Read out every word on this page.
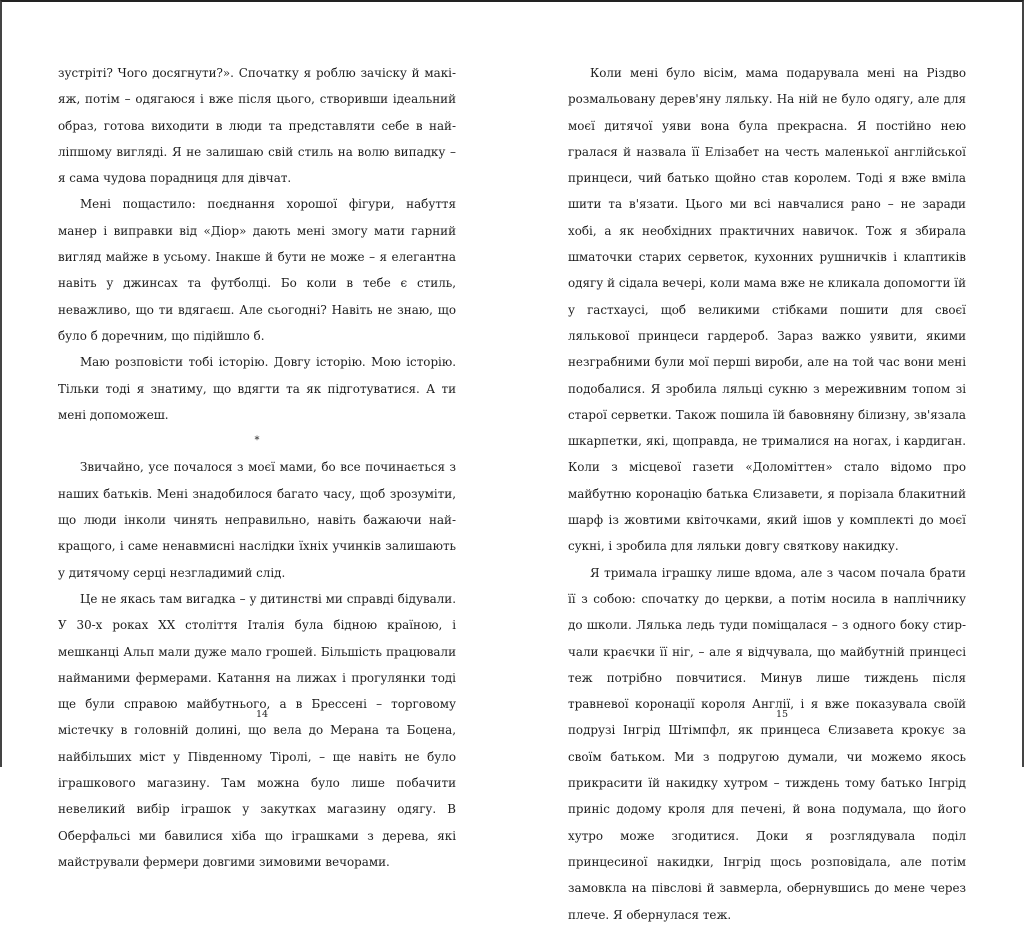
зустріті? Чого досягнути?». Спочатку я роблю зачіску й макіяж, потім – одягаюся і вже після цього, створивши ідеальний образ, готова виходити в люди та представляти себе в найліпшому вигляді. Я не залишаю свій стиль на волю випадку – я сама чудова порадниця для дівчат.

Мені пощастило: поєднання хорошої фігури, набуття манер і виправки від «Діор» дають мені змогу мати гарний вигляд майже в усьому. Інакше й бути не може – я елегантна навіть у джинсах та футболці. Бо коли в тебе є стиль, неважливо, що ти вдягаєш. Але сьогодні? Навіть не знаю, що було б доречним, що підійшло б.

Маю розповісти тобі історію. Довгу історію. Мою історію. Тільки тоді я знатиму, що вдягти та як підготуватися. А ти мені допоможеш.

*

Звичайно, усе почалося з моєї мами, бо все починається з наших батьків. Мені знадобилося багато часу, щоб зрозуміти, що люди інколи чинять неправильно, навіть бажаючи найкращого, і саме ненавмисні наслідки їхніх учинків залишають у дитячому серці незгладимий слід.

Це не якась там вигадка – у дитинстві ми справді бідували. У 30-х роках XX століття Італія була бідною країною, і мешканці Альп мали дуже мало грошей. Більшість працювали найманими фермерами. Катання на лижах і прогулянки тоді ще були справою майбутнього, а в Брессені – торговому містечку в головній долині, що вела до Мерана та Боцена, найбільших міст у Південному Тіролі, – ще навіть не було іграшкового магазину. Там можна було лише побачити невеликий вибір іграшок у закутках магазину одягу. В Оберфальсі ми бавилися хіба що іграшками з дерева, які майстрували фермери довгими зимовими вечорами.

14

Коли мені було вісім, мама подарувала мені на Різдво розмальовану дерев'яну ляльку. На ній не було одягу, але для моєї дитячої уяви вона була прекрасна. Я постійно нею гралася й назвала її Елізабет на честь маленької англійської принцеси, чий батько щойно став королем. Тоді я вже вміла шити та в'язати. Цього ми всі навчалися рано – не заради хобі, а як необхідних практичних навичок. Тож я збирала шматочки старих серветок, кухонних рушничків і клаптиків одягу й сідала вечері, коли мама вже не кликала допомогти їй у гастхаусі, щоб великими стібками пошити для своєї лялькової принцеси гардероб. Зараз важко уявити, якими незграбними були мої перші вироби, але на той час вони мені подобалися. Я зробила ляльці сукню з мереживним топом зі старої серветки. Також пошила їй бавовняну білизну, зв'язала шкарпетки, які, щоправда, не трималися на ногах, і кардиган. Коли з місцевої газети «Доломіттен» стало відомо про майбутню коронацію батька Єлизавети, я порізала блакитний шарф із жовтими квіточками, який ішов у комплекті до моєї сукні, і зробила для ляльки довгу святкову накидку.

Я тримала іграшку лише вдома, але з часом почала брати її з собою: спочатку до церкви, а потім носила в наплічнику до школи. Лялька ледь туди поміщалася – з одного боку стирчали краєчки її ніг, – але я відчувала, що майбутній принцесі теж потрібно повчитися. Минув лише тиждень після травневої коронації короля Англії, і я вже показувала своїй подрузі Інгрід Штімпфл, як принцеса Єлизавета крокує за своїм батьком. Ми з подругою думали, чи можемо якось прикрасити їй накидку хутром – тиждень тому батько Інгрід приніс додому кроля для печені, й вона подумала, що його хутро може згодитися. Доки я розглядувала поділ принцесиної накидки, Інгрід щось розповідала, але потім замовкла на півслові й завмерла, обернувшись до мене через плече. Я обернулася теж.

15
